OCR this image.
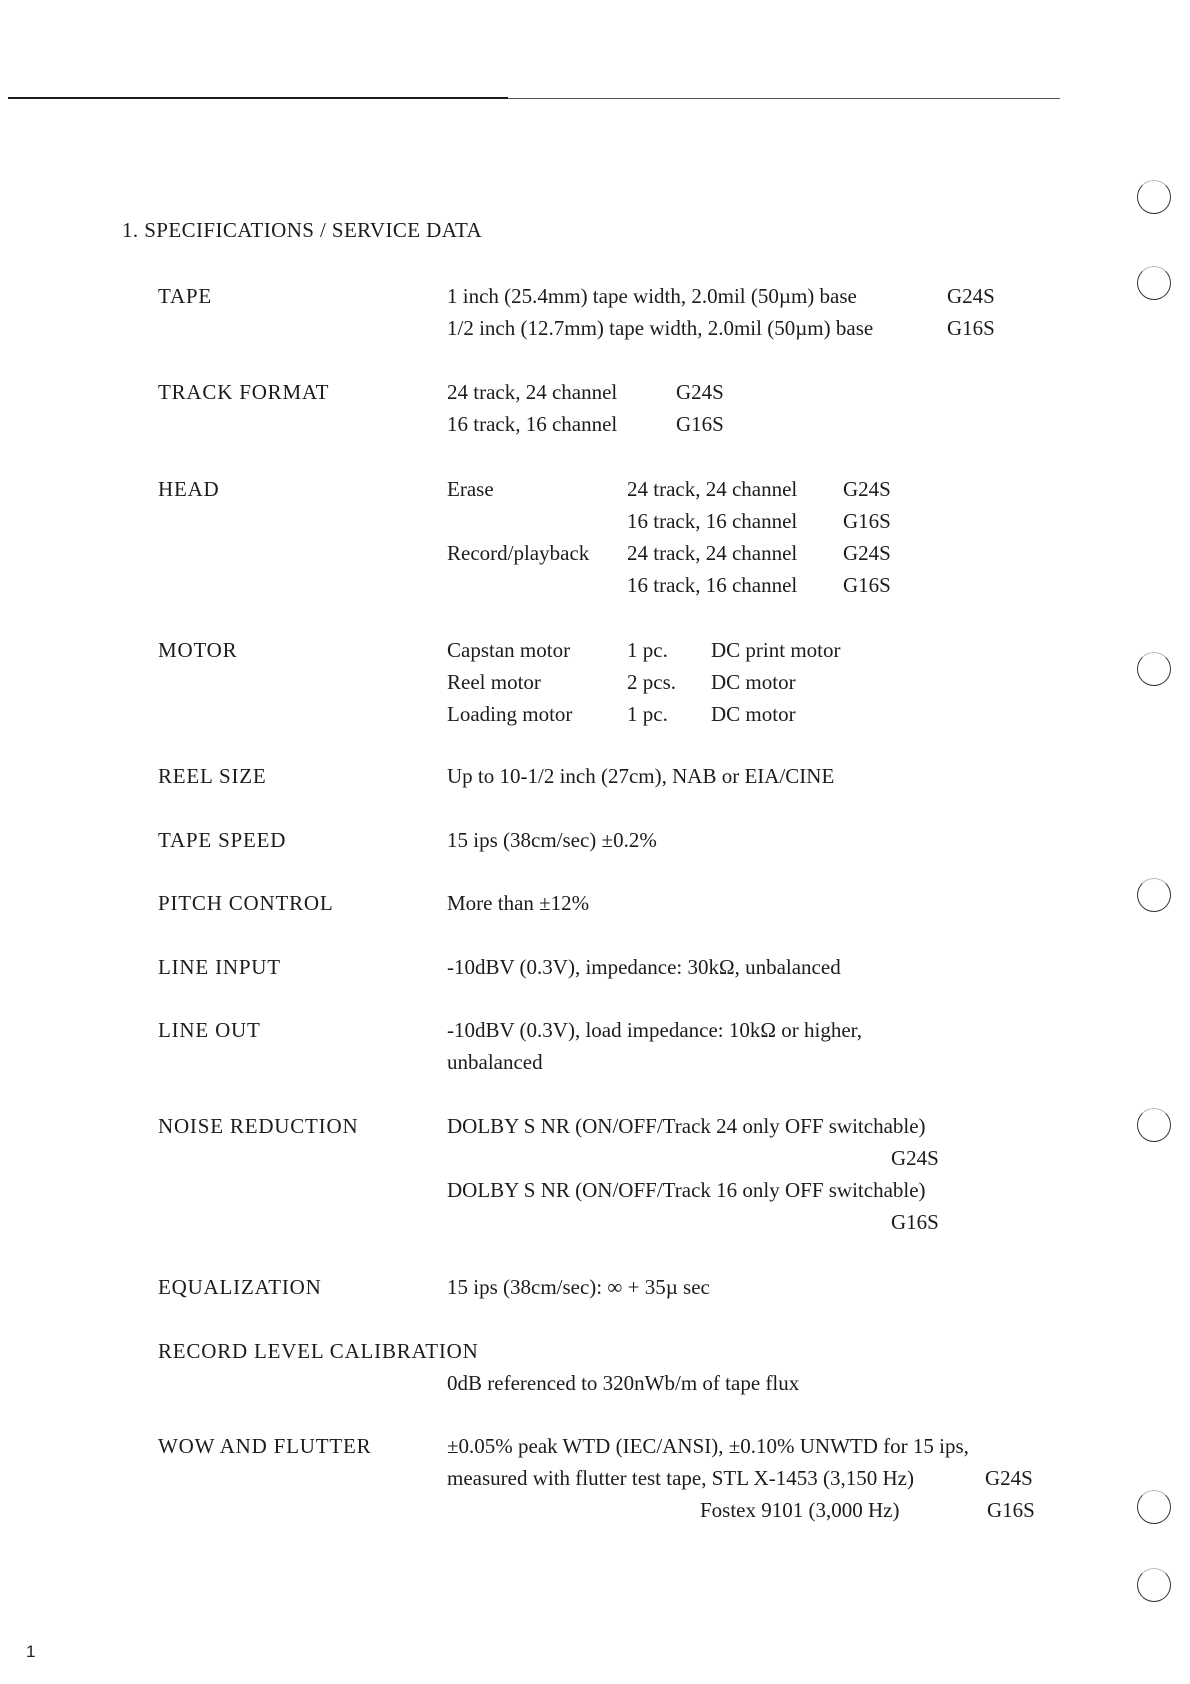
1. SPECIFICATIONS / SERVICE DATA
TAPE	1 inch (25.4mm) tape width, 2.0mil (50µm) base	G24S
1/2 inch (12.7mm) tape width, 2.0mil (50µm) base	G16S
TRACK FORMAT	24 track, 24 channel	G24S
16 track, 16 channel	G16S
HEAD	Erase	24 track, 24 channel G24S
16 track, 16 channel G16S
Record/playback 24 track, 24 channel G24S
16 track, 16 channel G16S
MOTOR	Capstan motor	1 pc. DC print motor
Reel motor	2 pcs. DC motor
Loading motor	1 pc. DC motor
REEL SIZE	Up to 10-1/2 inch (27cm), NAB or EIA/CINE
TAPE SPEED	15 ips (38cm/sec) ±0.2%
PITCH CONTROL	More than ±12%
LINE INPUT	-10dBV (0.3V), impedance: 30kΩ, unbalanced
LINE OUT	-10dBV (0.3V), load impedance: 10kΩ or higher,
unbalanced
NOISE REDUCTION	DOLBY S NR (ON/OFF/Track 24 only OFF switchable)
G24S
DOLBY S NR (ON/OFF/Track 16 only OFF switchable)
G16S
EQUALIZATION	15 ips (38cm/sec): ∞ + 35µ sec
RECORD LEVEL CALIBRATION
0dB referenced to 320nWb/m of tape flux
WOW AND FLUTTER	±0.05% peak WTD (IEC/ANSI), ±0.10% UNWTD for 15 ips,
measured with flutter test tape, STL X-1453 (3,150 Hz)	G24S
Fostex 9101 (3,000 Hz)	G16S
1
